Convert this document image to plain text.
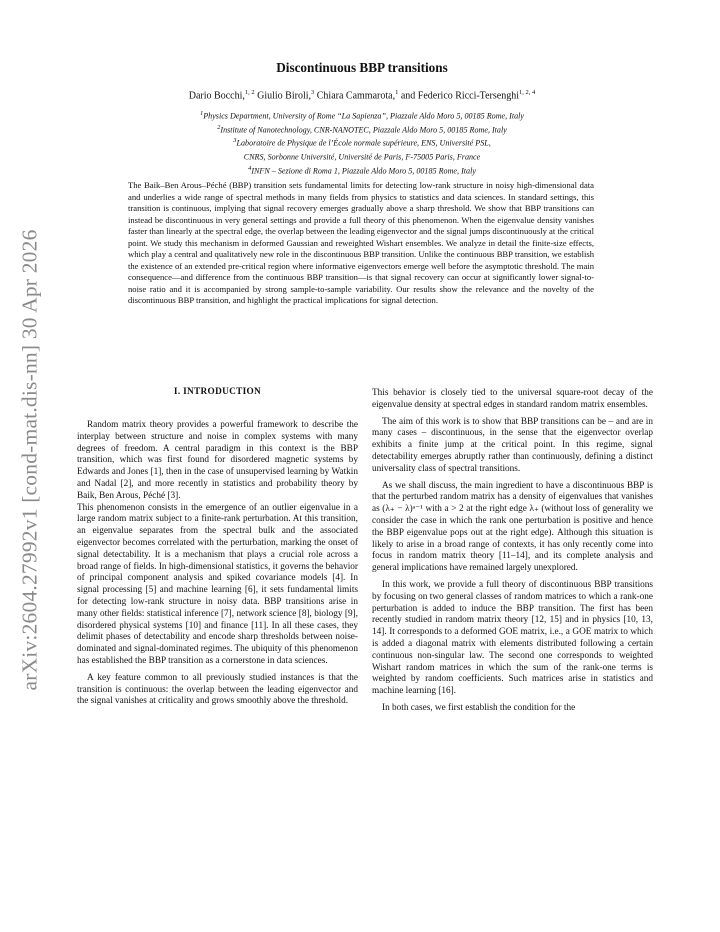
arXiv:2604.27992v1 [cond-mat.dis-nn] 30 Apr 2026
Discontinuous BBP transitions
Dario Bocchi,$^{1, 2}$ Giulio Biroli,$^3$ Chiara Cammarota,$^1$ and Federico Ricci-Tersenghi$^{1, 2, 4}$
$^1$Physics Department, University of Rome “La Sapienza”, Piazzale Aldo Moro 5, 00185 Rome, Italy
$^2$Institute of Nanotechnology, CNR-NANOTEC, Piazzale Aldo Moro 5, 00185 Rome, Italy
$^3$Laboratoire de Physique de l’École normale supérieure, ENS, Université PSL,
CNRS, Sorbonne Université, Université de Paris, F-75005 Paris, France
$^4$INFN – Sezione di Roma 1, Piazzale Aldo Moro 5, 00185 Rome, Italy

The Baik–Ben Arous–Péché (BBP) transition sets fundamental limits for detecting low-rank structure in noisy high-dimensional data and underlies a wide range of spectral methods in many fields from physics to statistics and data sciences. In standard settings, this transition is continuous, implying that signal recovery emerges gradually above a sharp threshold. We show that BBP transitions can instead be discontinuous in very general settings and provide a full theory of this phenomenon. When the eigenvalue density vanishes faster than linearly at the spectral edge, the overlap between the leading eigenvector and the signal jumps discontinuously at the critical point. We study this mechanism in deformed Gaussian and reweighted Wishart ensembles. We analyze in detail the finite-size effects, which play a central and qualitatively new role in the discontinuous BBP transition. Unlike the continuous BBP transition, we establish the existence of an extended pre-critical region where informative eigenvectors emerge well before the asymptotic threshold. The main consequence—and difference from the continuous BBP transition—is that signal recovery can occur at significantly lower signal-to-noise ratio and it is accompanied by strong sample-to-sample variability. Our results show the relevance and the novelty of the discontinuous BBP transition, and highlight the practical implications for signal detection.

I. INTRODUCTION

Random matrix theory provides a powerful framework to describe the interplay between structure and noise in complex systems with many degrees of freedom. A central paradigm in this context is the BBP transition, which was first found for disordered magnetic systems by Edwards and Jones [1], then in the case of unsupervised learning by Watkin and Nadal [2], and more recently in statistics and probability theory by Baik, Ben Arous, Péché [3].

This phenomenon consists in the emergence of an outlier eigenvalue in a large random matrix subject to a finite-rank perturbation. At this transition, an eigenvalue separates from the spectral bulk and the associated eigenvector becomes correlated with the perturbation, marking the onset of signal detectability. It is a mechanism that plays a crucial role across a broad range of fields. In high-dimensional statistics, it governs the behavior of principal component analysis and spiked covariance models [4]. In signal processing [5] and machine learning [6], it sets fundamental limits for detecting low-rank structure in noisy data. BBP transitions arise in many other fields: statistical inference [7], network science [8], biology [9], disordered physical systems [10] and finance [11]. In all these cases, they delimit phases of detectability and encode sharp thresholds between noise-dominated and signal-dominated regimes. The ubiquity of this phenomenon has established the BBP transition as a cornerstone in data sciences.

A key feature common to all previously studied instances is that the transition is continuous: the overlap between the leading eigenvector and the signal vanishes at criticality and grows smoothly above the threshold.

This behavior is closely tied to the universal square-root decay of the eigenvalue density at spectral edges in standard random matrix ensembles.

The aim of this work is to show that BBP transitions can be – and are in many cases – discontinuous, in the sense that the eigenvector overlap exhibits a finite jump at the critical point. In this regime, signal detectability emerges abruptly rather than continuously, defining a distinct universality class of spectral transitions.

As we shall discuss, the main ingredient to have a discontinuous BBP is that the perturbed random matrix has a density of eigenvalues that vanishes as (λ₊ − λ)ᵃ⁻¹ with a > 2 at the right edge λ₊ (without loss of generality we consider the case in which the rank one perturbation is positive and hence the BBP eigenvalue pops out at the right edge). Although this situation is likely to arise in a broad range of contexts, it has only recently come into focus in random matrix theory [11–14], and its complete analysis and general implications have remained largely unexplored.

In this work, we provide a full theory of discontinuous BBP transitions by focusing on two general classes of random matrices to which a rank-one perturbation is added to induce the BBP transition. The first has been recently studied in random matrix theory [12, 15] and in physics [10, 13, 14]. It corresponds to a deformed GOE matrix, i.e., a GOE matrix to which is added a diagonal matrix with elements distributed following a certain continuous non-singular law. The second one corresponds to weighted Wishart random matrices in which the sum of the rank-one terms is weighted by random coefficients. Such matrices arise in statistics and machine learning [16].

In both cases, we first establish the condition for the
